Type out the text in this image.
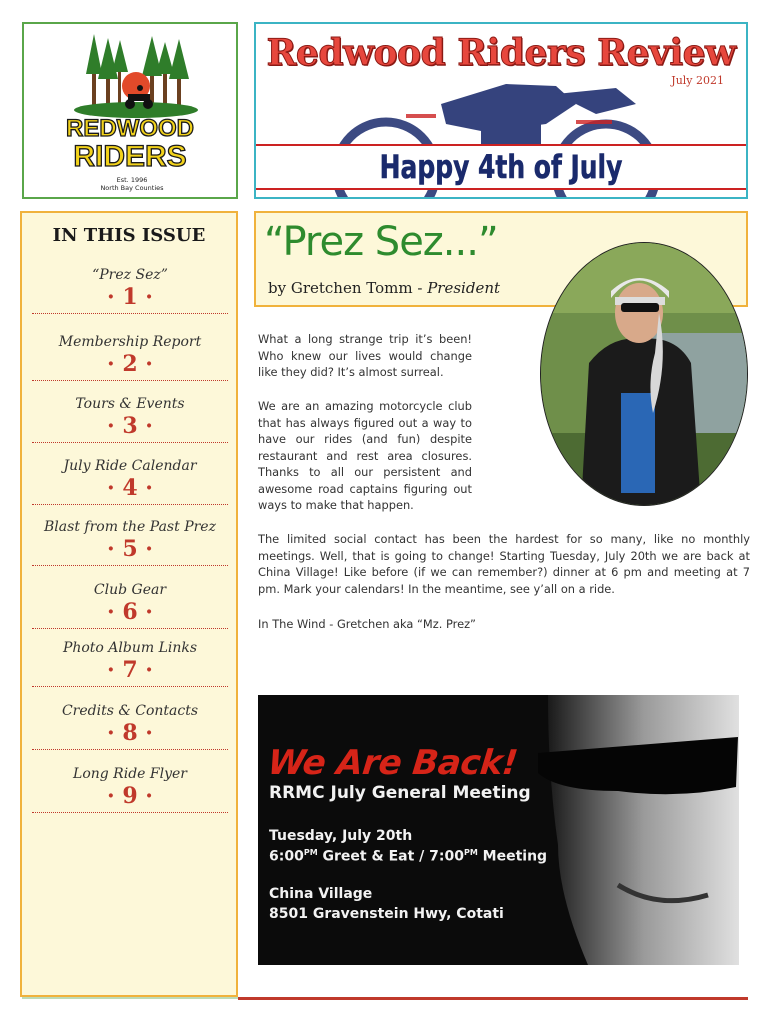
REDWOOD
RIDERS
Est. 1996
North Bay Counties
Redwood Riders Review
July 2021
Happy 4th of July
IN THIS ISSUE
“Prez Sez”
· 1 ·
Membership Report
· 2 ·
Tours & Events
· 3 ·
July Ride Calendar
· 4 ·
Blast from the Past Prez
· 5 ·
Club Gear
· 6 ·
Photo Album Links
· 7 ·
Credits & Contacts
· 8 ·
Long Ride Flyer
· 9 ·
“Prez Sez...”
by Gretchen Tomm - President
What a long strange trip it’s been! Who knew our lives would change like they did? It’s almost surreal.
We are an amazing motorcycle club that has always figured out a way to have our rides (and fun) despite restaurant and rest area closures. Thanks to all our persistent and awesome road captains figuring out ways to make that happen.
The limited social contact has been the hardest for so many, like no monthly meetings. Well, that is going to change! Starting Tuesday, July 20th we are back at China Village! Like before (if we can remember?) dinner at 6 pm and meeting at 7 pm. Mark your calendars! In the meantime, see y’all on a ride.
In The Wind - Gretchen aka “Mz. Prez”
We Are Back!
RRMC July General Meeting
Tuesday, July 20th
$6:00^{PM}$ Greet & Eat / $7:00^{PM}$ Meeting
China Village
8501 Gravenstein Hwy, Cotati
